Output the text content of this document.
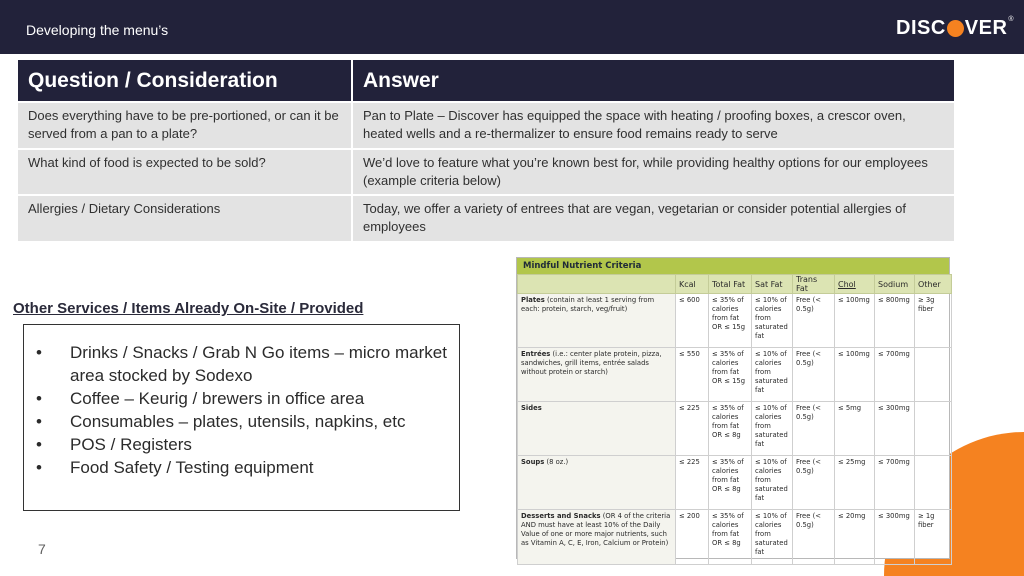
Developing the menu’s	DISC VER®
Question / Consideration	Answer
Does everything have to be pre-portioned, or can it be served from a pan to a plate?	Pan to Plate – Discover has equipped the space with heating / proofing boxes, a crescor oven, heated wells and a re-thermalizer to ensure food remains ready to serve
What kind of food is expected to be sold?	We’d love to feature what you’re known best for, while providing healthy options for our employees (example criteria below)
Allergies / Dietary Considerations	Today, we offer a variety of entrees that are vegan, vegetarian or consider potential allergies of employees
Other Services / Items Already On-Site / Provided
• Drinks / Snacks / Grab N Go items – micro market area stocked by Sodexo
• Coffee – Keurig / brewers in office area
• Consumables – plates, utensils, napkins, etc
• POS / Registers
• Food Safety / Testing equipment
7
Mindful Nutrient Criteria
	Kcal	Total Fat	Sat Fat	Trans Fat	Chol	Sodium	Other
Plates (contain at least 1 serving from each: protein, starch, veg/fruit)	≤ 600	≤ 35% of calories from fat OR ≤ 15g	≤ 10% of calories from saturated fat	Free (< 0.5g)	≤ 100mg	≤ 800mg	≥ 3g fiber
Entrées (i.e.: center plate protein, pizza, sandwiches, grill items, entrée salads without protein or starch)	≤ 550	≤ 35% of calories from fat OR ≤ 15g	≤ 10% of calories from saturated fat	Free (< 0.5g)	≤ 100mg	≤ 700mg	
Sides	≤ 225	≤ 35% of calories from fat OR ≤ 8g	≤ 10% of calories from saturated fat	Free (< 0.5g)	≤ 5mg	≤ 300mg	
Soups (8 oz.)	≤ 225	≤ 35% of calories from fat OR ≤ 8g	≤ 10% of calories from saturated fat	Free (< 0.5g)	≤ 25mg	≤ 700mg	
Desserts and Snacks (OR 4 of the criteria AND must have at least 10% of the Daily Value of one or more major nutrients, such as Vitamin A, C, E, Iron, Calcium or Protein)	≤ 200	≤ 35% of calories from fat OR ≤ 8g	≤ 10% of calories from saturated fat	Free (< 0.5g)	≤ 20mg	≤ 300mg	≥ 1g fiber
